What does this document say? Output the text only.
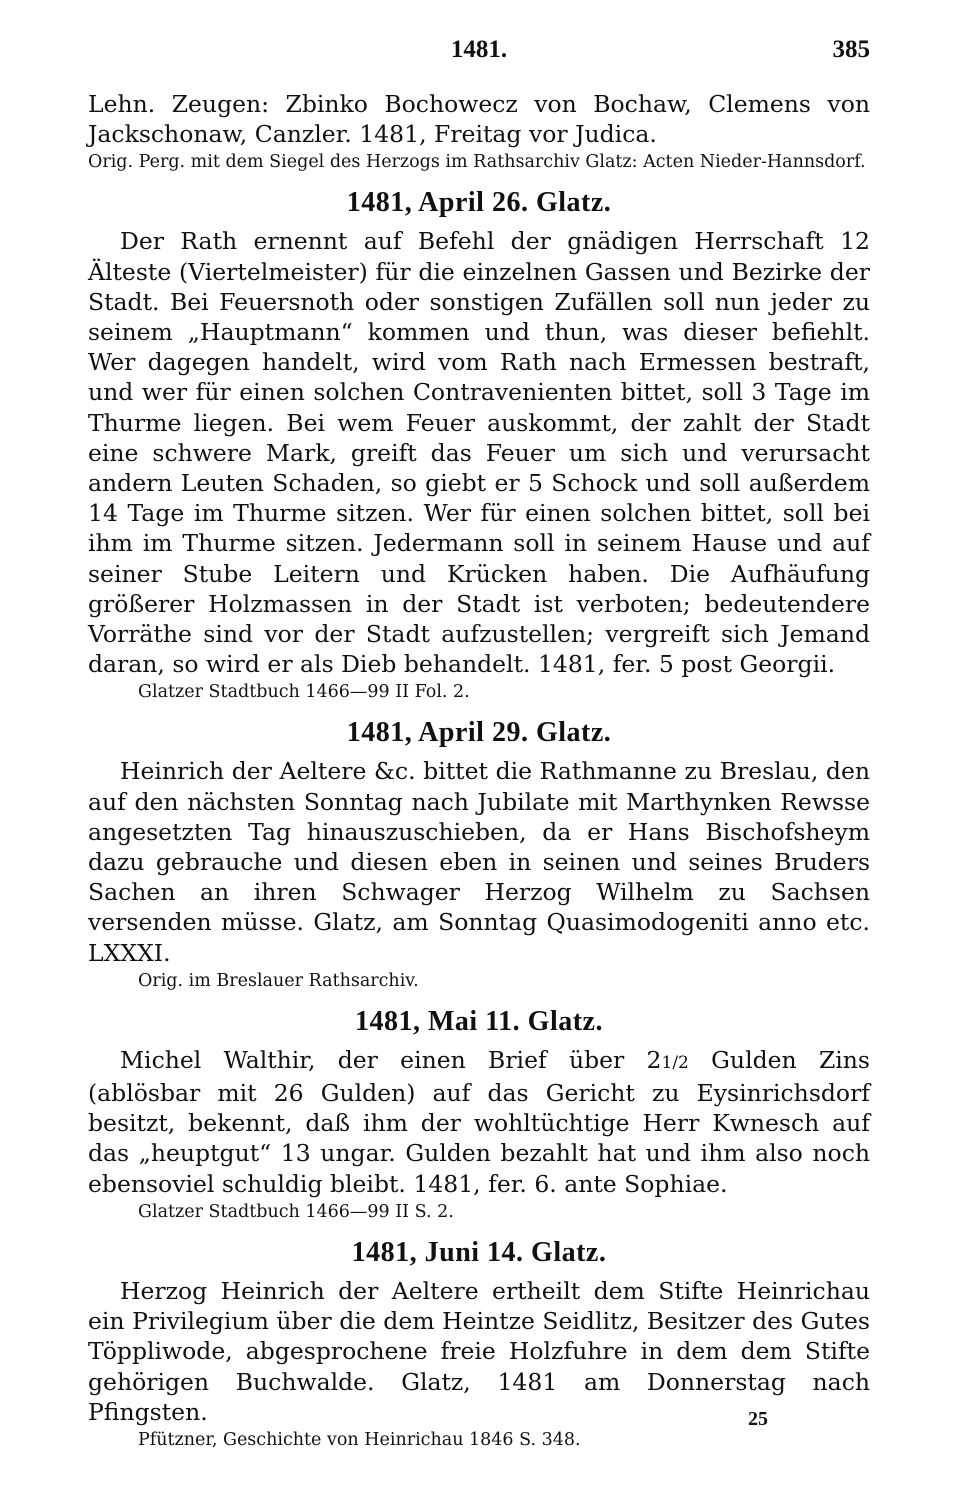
1481.	385

Lehn. Zeugen: Zbinko Bochowecz von Bochaw, Clemens von Jackschonaw, Canzler. 1481, Freitag vor Judica.

Orig. Perg. mit dem Siegel des Herzogs im Rathsarchiv Glatz: Acten Nieder-Hannsdorf.

1481, April 26. Glatz.

Der Rath ernennt auf Befehl der gnädigen Herrschaft 12 Älteste (Viertelmeister) für die einzelnen Gassen und Bezirke der Stadt. Bei Feuersnoth oder sonstigen Zufällen soll nun jeder zu seinem „Hauptmann“ kommen und thun, was dieser befiehlt. Wer dagegen handelt, wird vom Rath nach Ermessen bestraft, und wer für einen solchen Contravenienten bittet, soll 3 Tage im Thurme liegen. Bei wem Feuer auskommt, der zahlt der Stadt eine schwere Mark, greift das Feuer um sich und verursacht andern Leuten Schaden, so giebt er 5 Schock und soll außerdem 14 Tage im Thurme sitzen. Wer für einen solchen bittet, soll bei ihm im Thurme sitzen. Jedermann soll in seinem Hause und auf seiner Stube Leitern und Krücken haben. Die Aufhäufung größerer Holzmassen in der Stadt ist verboten; bedeutendere Vorräthe sind vor der Stadt aufzustellen; vergreift sich Jemand daran, so wird er als Dieb behandelt. 1481, fer. 5 post Georgii.

Glatzer Stadtbuch 1466—99 II Fol. 2.

1481, April 29. Glatz.

Heinrich der Aeltere &c. bittet die Rathmanne zu Breslau, den auf den nächsten Sonntag nach Jubilate mit Marthynken Rewsse angesetzten Tag hinauszuschieben, da er Hans Bischofsheym dazu gebrauche und diesen eben in seinen und seines Bruders Sachen an ihren Schwager Herzog Wilhelm zu Sachsen versenden müsse. Glatz, am Sonntag Quasimodogeniti anno etc. LXXXI.

Orig. im Breslauer Rathsarchiv.

1481, Mai 11. Glatz.

Michel Walthir, der einen Brief über 21/2 Gulden Zins (ablösbar mit 26 Gulden) auf das Gericht zu Eysinrichsdorf besitzt, bekennt, daß ihm der wohltüchtige Herr Kwnesch auf das „heuptgut“ 13 ungar. Gulden bezahlt hat und ihm also noch ebensoviel schuldig bleibt. 1481, fer. 6. ante Sophiae.

Glatzer Stadtbuch 1466—99 II S. 2.

1481, Juni 14. Glatz.

Herzog Heinrich der Aeltere ertheilt dem Stifte Heinrichau ein Privilegium über die dem Heintze Seidlitz, Besitzer des Gutes Töppliwode, abgesprochene freie Holzfuhre in dem dem Stifte gehörigen Buchwalde. Glatz, 1481 am Donnerstag nach Pfingsten.

Pfützner, Geschichte von Heinrichau 1846 S. 348.

25
